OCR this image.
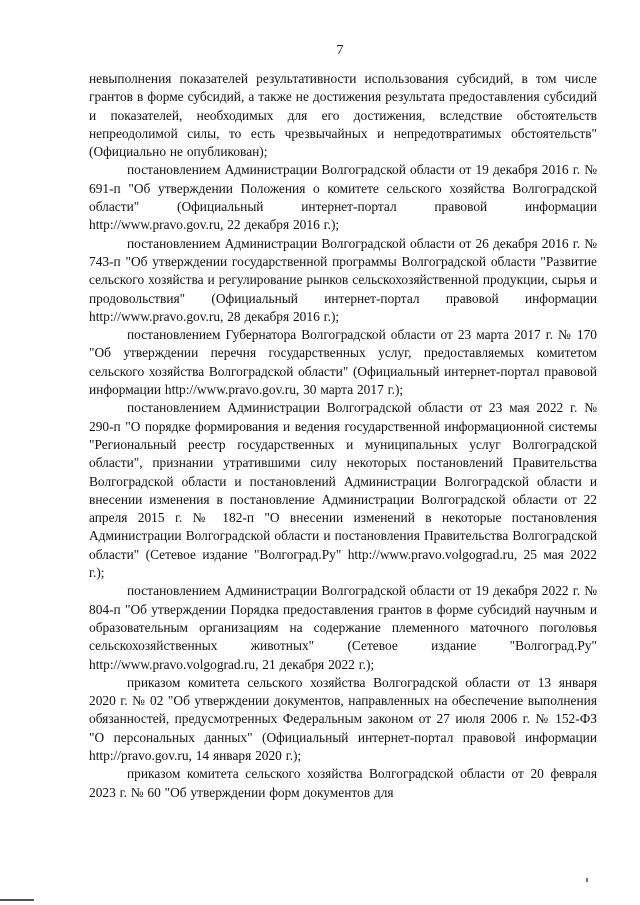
7

невыполнения показателей результативности использования субсидий, в том числе грантов в форме субсидий, а также не достижения результата предоставления субсидий и показателей, необходимых для его достижения, вследствие обстоятельств непреодолимой силы, то есть чрезвычайных и непредотвратимых обстоятельств" (Официально не опубликован);

постановлением Администрации Волгоградской области от 19 декабря 2016 г. № 691-п "Об утверждении Положения о комитете сельского хозяйства Волгоградской области" (Официальный интернет-портал правовой информации http://www.pravo.gov.ru, 22 декабря 2016 г.);

постановлением Администрации Волгоградской области от 26 декабря 2016 г. № 743-п "Об утверждении государственной программы Волгоградской области "Развитие сельского хозяйства и регулирование рынков сельскохозяйственной продукции, сырья и продовольствия" (Официальный интернет-портал правовой информации http://www.pravo.gov.ru, 28 декабря 2016 г.);

постановлением Губернатора Волгоградской области от 23 марта 2017 г. № 170 "Об утверждении перечня государственных услуг, предоставляемых комитетом сельского хозяйства Волгоградской области" (Официальный интернет-портал правовой информации http://www.pravo.gov.ru, 30 марта 2017 г.);

постановлением Администрации Волгоградской области от 23 мая 2022 г. № 290-п "О порядке формирования и ведения государственной информационной системы "Региональный реестр государственных и муниципальных услуг Волгоградской области", признании утратившими силу некоторых постановлений Правительства Волгоградской области и постановлений Администрации Волгоградской области и внесении изменения в постановление Администрации Волгоградской области от 22 апреля 2015 г. № 182-п "О внесении изменений в некоторые постановления Администрации Волгоградской области и постановления Правительства Волгоградской области" (Сетевое издание "Волгоград.Ру" http://www.pravo.volgograd.ru, 25 мая 2022 г.);

постановлением Администрации Волгоградской области от 19 декабря 2022 г. № 804-п "Об утверждении Порядка предоставления грантов в форме субсидий научным и образовательным организациям на содержание племенного маточного поголовья сельскохозяйственных животных" (Сетевое издание "Волгоград.Ру" http://www.pravo.volgograd.ru, 21 декабря 2022 г.);

приказом комитета сельского хозяйства Волгоградской области от 13 января 2020 г. № 02 "Об утверждении документов, направленных на обеспечение выполнения обязанностей, предусмотренных Федеральным законом от 27 июля 2006 г. № 152-ФЗ "О персональных данных" (Официальный интернет-портал правовой информации http://pravo.gov.ru, 14 января 2020 г.);

приказом комитета сельского хозяйства Волгоградской области от 20 февраля 2023 г. № 60 "Об утверждении форм документов для
